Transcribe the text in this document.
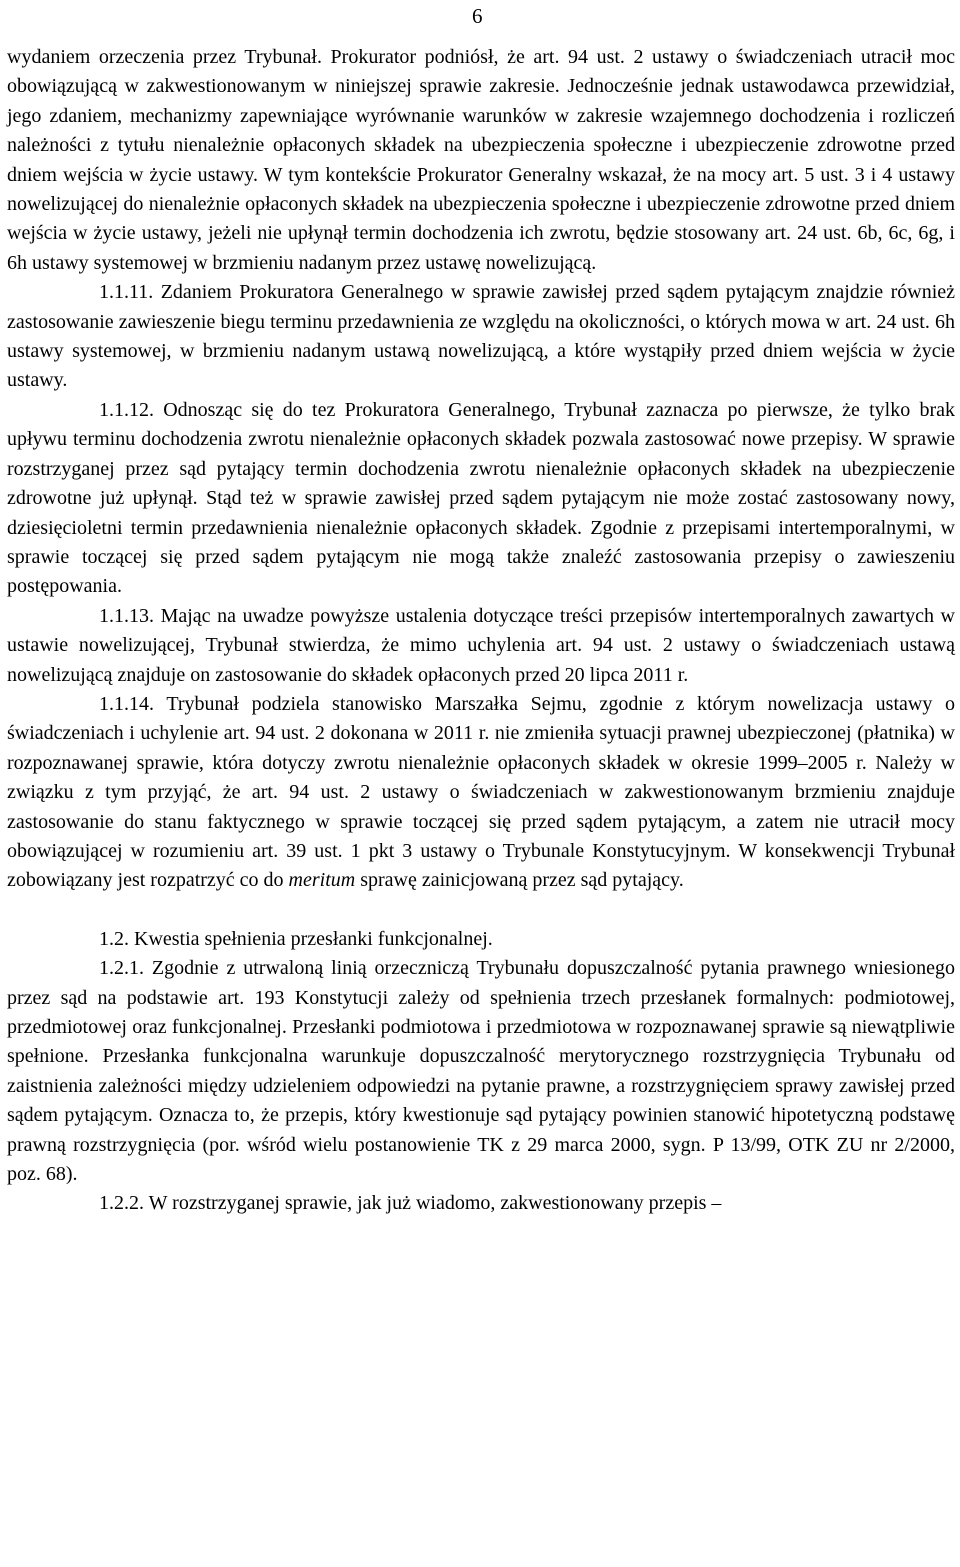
6

wydaniem orzeczenia przez Trybunał. Prokurator podniósł, że art. 94 ust. 2 ustawy o świadczeniach utracił moc obowiązującą w zakwestionowanym w niniejszej sprawie zakresie. Jednocześnie jednak ustawodawca przewidział, jego zdaniem, mechanizmy zapewniające wyrównanie warunków w zakresie wzajemnego dochodzenia i rozliczeń należności z tytułu nienależnie opłaconych składek na ubezpieczenia społeczne i ubezpieczenie zdrowotne przed dniem wejścia w życie ustawy. W tym kontekście Prokurator Generalny wskazał, że na mocy art. 5 ust. 3 i 4 ustawy nowelizującej do nienależnie opłaconych składek na ubezpieczenia społeczne i ubezpieczenie zdrowotne przed dniem wejścia w życie ustawy, jeżeli nie upłynął termin dochodzenia ich zwrotu, będzie stosowany art. 24 ust. 6b, 6c, 6g, i 6h ustawy systemowej w brzmieniu nadanym przez ustawę nowelizującą.

1.1.11. Zdaniem Prokuratora Generalnego w sprawie zawisłej przed sądem pytającym znajdzie również zastosowanie zawieszenie biegu terminu przedawnienia ze względu na okoliczności, o których mowa w art. 24 ust. 6h ustawy systemowej, w brzmieniu nadanym ustawą nowelizującą, a które wystąpiły przed dniem wejścia w życie ustawy.

1.1.12. Odnosząc się do tez Prokuratora Generalnego, Trybunał zaznacza po pierwsze, że tylko brak upływu terminu dochodzenia zwrotu nienależnie opłaconych składek pozwala zastosować nowe przepisy. W sprawie rozstrzyganej przez sąd pytający termin dochodzenia zwrotu nienależnie opłaconych składek na ubezpieczenie zdrowotne już upłynął. Stąd też w sprawie zawisłej przed sądem pytającym nie może zostać zastosowany nowy, dziesięcioletni termin przedawnienia nienależnie opłaconych składek. Zgodnie z przepisami intertemporalnymi, w sprawie toczącej się przed sądem pytającym nie mogą także znaleźć zastosowania przepisy o zawieszeniu postępowania.

1.1.13. Mając na uwadze powyższe ustalenia dotyczące treści przepisów intertemporalnych zawartych w ustawie nowelizującej, Trybunał stwierdza, że mimo uchylenia art. 94 ust. 2 ustawy o świadczeniach ustawą nowelizującą znajduje on zastosowanie do składek opłaconych przed 20 lipca 2011 r.

1.1.14. Trybunał podziela stanowisko Marszałka Sejmu, zgodnie z którym nowelizacja ustawy o świadczeniach i uchylenie art. 94 ust. 2 dokonana w 2011 r. nie zmieniła sytuacji prawnej ubezpieczonej (płatnika) w rozpoznawanej sprawie, która dotyczy zwrotu nienależnie opłaconych składek w okresie 1999–2005 r. Należy w związku z tym przyjąć, że art. 94 ust. 2 ustawy o świadczeniach w zakwestionowanym brzmieniu znajduje zastosowanie do stanu faktycznego w sprawie toczącej się przed sądem pytającym, a zatem nie utracił mocy obowiązującej w rozumieniu art. 39 ust. 1 pkt 3 ustawy o Trybunale Konstytucyjnym. W konsekwencji Trybunał zobowiązany jest rozpatrzyć co do meritum sprawę zainicjowaną przez sąd pytający.

1.2. Kwestia spełnienia przesłanki funkcjonalnej.

1.2.1. Zgodnie z utrwaloną linią orzeczniczą Trybunału dopuszczalność pytania prawnego wniesionego przez sąd na podstawie art. 193 Konstytucji zależy od spełnienia trzech przesłanek formalnych: podmiotowej, przedmiotowej oraz funkcjonalnej. Przesłanki podmiotowa i przedmiotowa w rozpoznawanej sprawie są niewątpliwie spełnione. Przesłanka funkcjonalna warunkuje dopuszczalność merytorycznego rozstrzygnięcia Trybunału od zaistnienia zależności między udzieleniem odpowiedzi na pytanie prawne, a rozstrzygnięciem sprawy zawisłej przed sądem pytającym. Oznacza to, że przepis, który kwestionuje sąd pytający powinien stanowić hipotetyczną podstawę prawną rozstrzygnięcia (por. wśród wielu postanowienie TK z 29 marca 2000, sygn. P 13/99, OTK ZU nr 2/2000, poz. 68).

1.2.2. W rozstrzyganej sprawie, jak już wiadomo, zakwestionowany przepis –
